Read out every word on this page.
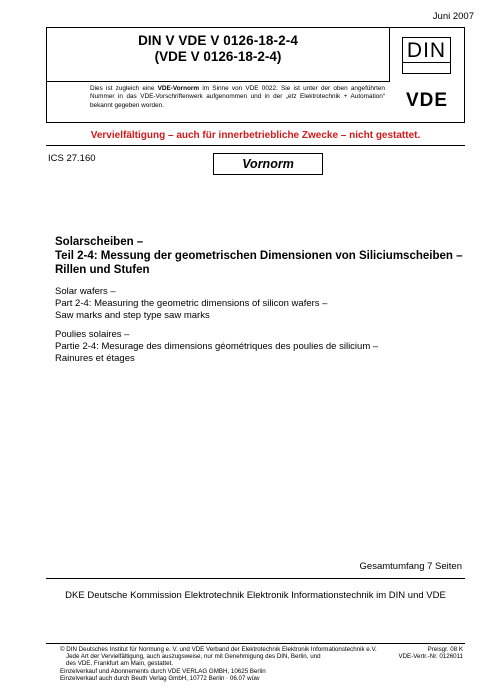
Juni 2007
DIN V VDE V 0126-18-2-4
(VDE V 0126-18-2-4)
Dies ist zugleich eine VDE-Vornorm im Sinne von VDE 0022. Sie ist unter der oben angeführten Nummer in das VDE-Vorschriftenwerk aufgenommen und in der „etz Elektrotechnik + Automation“ bekannt gegeben worden.
DIN
VDE
Vervielfältigung – auch für innerbetriebliche Zwecke – nicht gestattet.
ICS 27.160	Vornorm
Solarscheiben –
Teil 2-4: Messung der geometrischen Dimensionen von Siliciumscheiben –
Rillen und Stufen
Solar wafers –
Part 2-4: Measuring the geometric dimensions of silicon wafers –
Saw marks and step type saw marks
Poulies solaires –
Partie 2-4: Mesurage des dimensions géométriques des poulies de silicium –
Rainures et étages
Gesamtumfang 7 Seiten
DKE Deutsche Kommission Elektrotechnik Elektronik Informationstechnik im DIN und VDE
© DIN Deutsches Institut für Normung e. V. und VDE Verband der Elektrotechnik Elektronik Informationstechnik e.V.
Jede Art der Vervielfältigung, auch auszugsweise, nur mit Genehmigung des DIN, Berlin, und
des VDE, Frankfurt am Main, gestattet.
Einzelverkauf und Abonnements durch VDE VERLAG GMBH, 10625 Berlin
Einzelverkauf auch durch Beuth Verlag GmbH, 10772 Berlin · 06.07 wüw
Preisgr. 08 K
VDE-Vertr.-Nr. 0126011
